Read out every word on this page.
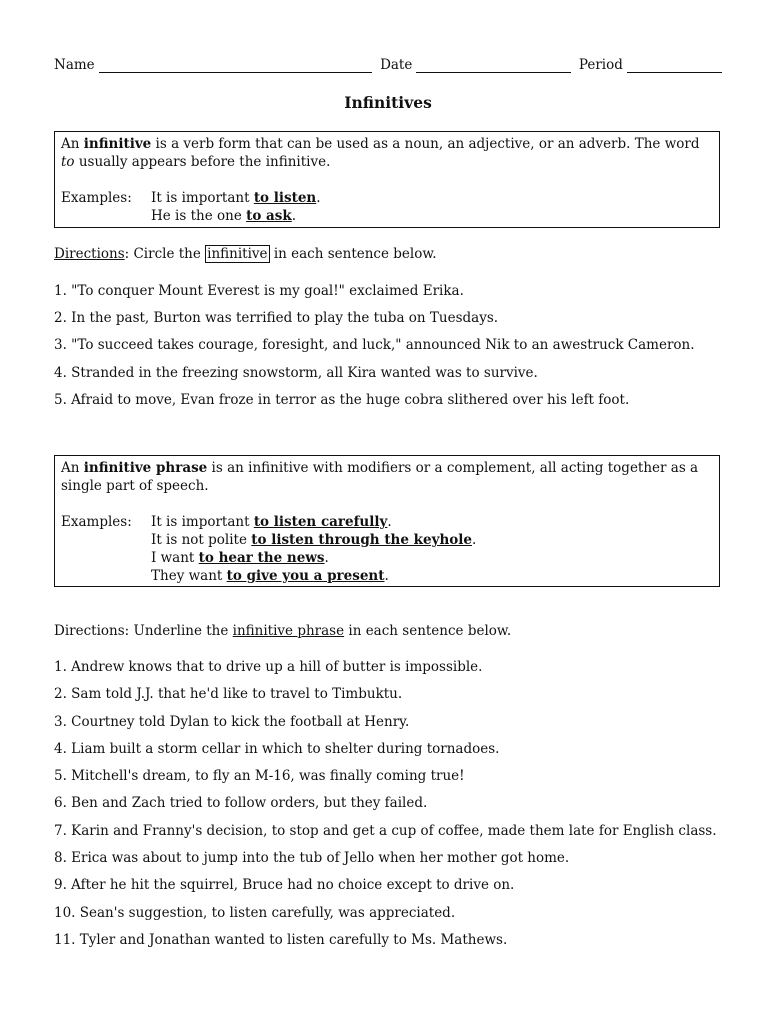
Name	Date	Period
Infinitives
An infinitive is a verb form that can be used as a noun, an adjective, or an adverb. The word to usually appears before the infinitive.
Examples:	It is important to listen.
He is the one to ask.
Directions: Circle the infinitive in each sentence below.
1. "To conquer Mount Everest is my goal!" exclaimed Erika.
2. In the past, Burton was terrified to play the tuba on Tuesdays.
3. "To succeed takes courage, foresight, and luck," announced Nik to an awestruck Cameron.
4. Stranded in the freezing snowstorm, all Kira wanted was to survive.
5. Afraid to move, Evan froze in terror as the huge cobra slithered over his left foot.
An infinitive phrase is an infinitive with modifiers or a complement, all acting together as a single part of speech.
Examples:	It is important to listen carefully.
It is not polite to listen through the keyhole.
I want to hear the news.
They want to give you a present.
Directions: Underline the infinitive phrase in each sentence below.
1. Andrew knows that to drive up a hill of butter is impossible.
2. Sam told J.J. that he'd like to travel to Timbuktu.
3. Courtney told Dylan to kick the football at Henry.
4. Liam built a storm cellar in which to shelter during tornadoes.
5. Mitchell's dream, to fly an M-16, was finally coming true!
6. Ben and Zach tried to follow orders, but they failed.
7. Karin and Franny's decision, to stop and get a cup of coffee, made them late for English class.
8. Erica was about to jump into the tub of Jello when her mother got home.
9. After he hit the squirrel, Bruce had no choice except to drive on.
10. Sean's suggestion, to listen carefully, was appreciated.
11. Tyler and Jonathan wanted to listen carefully to Ms. Mathews.
